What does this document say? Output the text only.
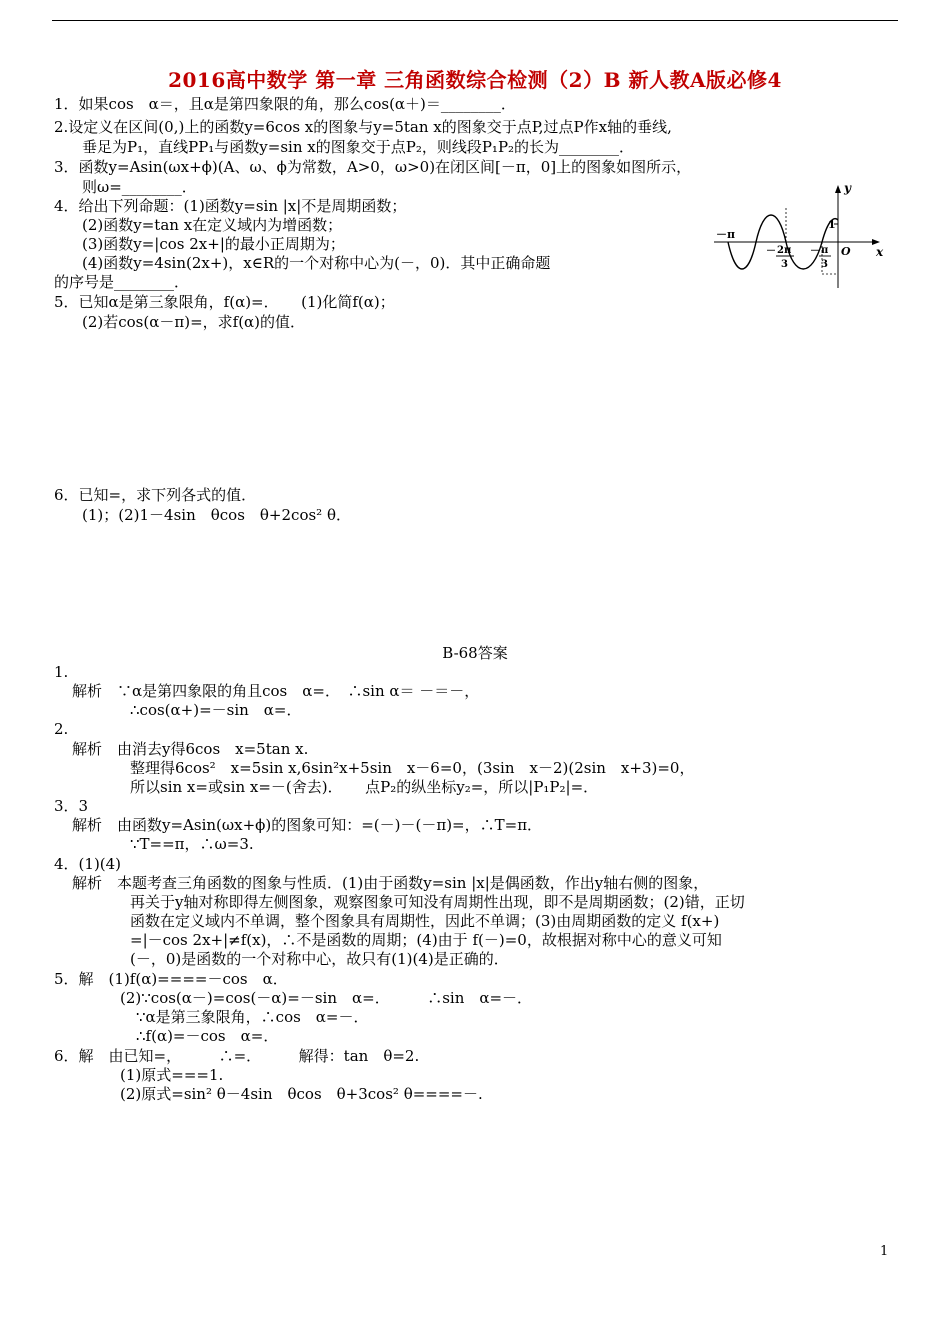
2016高中数学 第一章 三角函数综合检测（2）B 新人教A版必修4
1．如果cos　α＝，且α是第四象限的角，那么cos(α＋)＝________．
2.设定义在区间(0,)上的函数y=6cos x的图象与y=5tan x的图象交于点P,过点P作x轴的垂线,
垂足为P₁，直线PP₁与函数y=sin x的图象交于点P₂，则线段P₁P₂的长为________．
3．函数y=Asin(ωx+ϕ)(A、ω、ϕ为常数，A>0，ω>0)在闭区间[－π，0]上的图象如图所示，
则ω=________．
4．给出下列命题：(1)函数y=sin |x|不是周期函数；
(2)函数y=tan x在定义域内为增函数；
(3)函数y=|cos 2x+|的最小正周期为；
(4)函数y=4sin(2x+)，x∈R的一个对称中心为(－，0)．其中正确命题
的序号是________．
5．已知α是第三象限角，f(α)=．　　(1)化简f(α)；
(2)若cos(α－π)=，求f(α)的值．
6．已知=，求下列各式的值．
(1)；(2)1－4sin　θcos　θ+2cos² θ．
y
x
1
O
－π
－ 2π
3
－ π
3
B-68答案
1.
解析　∵α是第四象限的角且cos　α=．　∴sin α＝ －＝－，
∴cos(α+)=－sin　α=．
2.
解析　由消去y得6cos　x=5tan x.
整理得6cos²　x=5sin x,6sin²x+5sin　x－6=0，(3sin　x－2)(2sin　x+3)=0，
所以sin x=或sin x=－(舍去)．　　点P₂的纵坐标y₂=，所以|P₁P₂|=．
3．3
解析　由函数y=Asin(ωx+ϕ)的图象可知：=(－)－(－π)=，∴T=π．
∵T==π，∴ω=3.
4．(1)(4)
解析　本题考查三角函数的图象与性质．(1)由于函数y=sin |x|是偶函数，作出y轴右侧的图象，
再关于y轴对称即得左侧图象，观察图象可知没有周期性出现，即不是周期函数；(2)错，正切
函数在定义域内不单调，整个图象具有周期性，因此不单调；(3)由周期函数的定义 f(x+)
=|－cos 2x+|≠f(x)，∴不是函数的周期；(4)由于 f(－)=0，故根据对称中心的意义可知
(－，0)是函数的一个对称中心，故只有(1)(4)是正确的．
5．解　(1)f(α)====－cos　α．
(2)∵cos(α－)=cos(－α)=－sin　α=．　　　∴sin　α=－．
∵α是第三象限角，∴cos　α=－．
∴f(α)=－cos　α=．
6．解　由已知=，　　　∴=．　　　解得：tan　θ=2.
(1)原式===1.
(2)原式=sin² θ－4sin　θcos　θ+3cos² θ====－.
1
